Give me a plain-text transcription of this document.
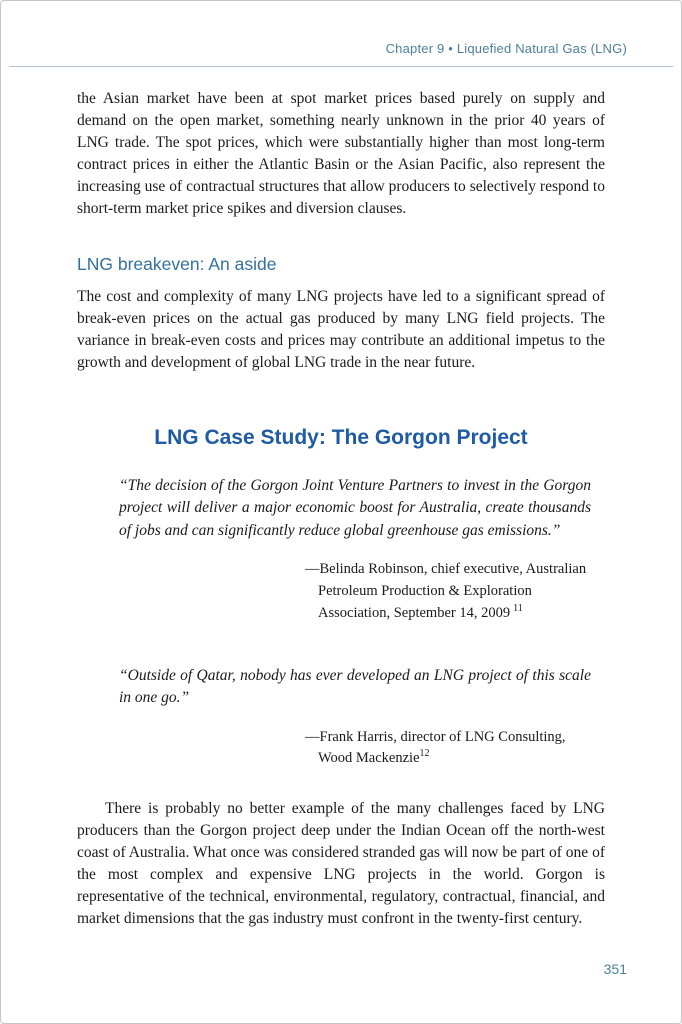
Chapter 9 • Liquefied Natural Gas (LNG)

the Asian market have been at spot market prices based purely on supply and demand on the open market, something nearly unknown in the prior 40 years of LNG trade. The spot prices, which were substantially higher than most long-term contract prices in either the Atlantic Basin or the Asian Pacific, also represent the increasing use of contractual structures that allow producers to selectively respond to short-term market price spikes and diversion clauses.

LNG breakeven: An aside

The cost and complexity of many LNG projects have led to a significant spread of break-even prices on the actual gas produced by many LNG field projects. The variance in break-even costs and prices may contribute an additional impetus to the growth and development of global LNG trade in the near future.

LNG Case Study: The Gorgon Project

“The decision of the Gorgon Joint Venture Partners to invest in the Gorgon project will deliver a major economic boost for Australia, create thousands of jobs and can significantly reduce global greenhouse gas emissions.”

—Belinda Robinson, chief executive, Australian
Petroleum Production & Exploration
Association, September 14, 2009 $^{11}$

“Outside of Qatar, nobody has ever developed an LNG project of this scale in one go.”

—Frank Harris, director of LNG Consulting,
Wood Mackenzie$^{12}$

There is probably no better example of the many challenges faced by LNG producers than the Gorgon project deep under the Indian Ocean off the north-west coast of Australia. What once was considered stranded gas will now be part of one of the most complex and expensive LNG projects in the world. Gorgon is representative of the technical, environmental, regulatory, contractual, financial, and market dimensions that the gas industry must confront in the twenty-first century.

351
